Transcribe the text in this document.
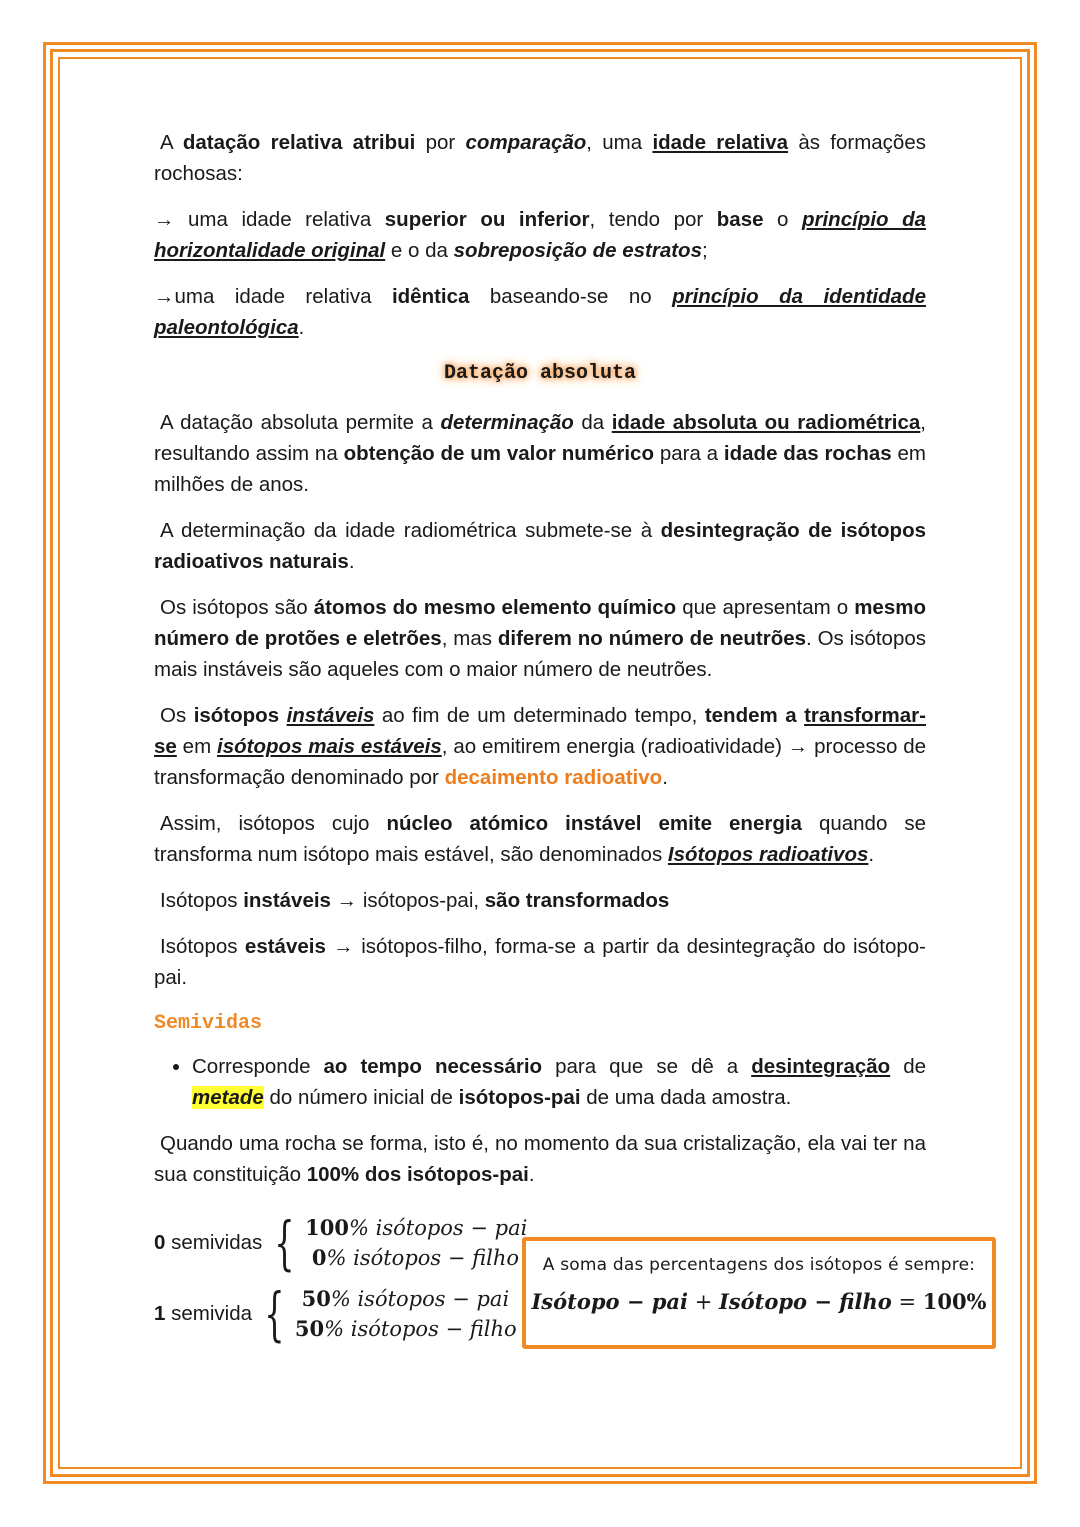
A datação relativa atribui por comparação, uma idade relativa às formações rochosas:

→ uma idade relativa superior ou inferior, tendo por base o princípio da horizontalidade original e o da sobreposição de estratos;

→uma idade relativa idêntica baseando-se no princípio da identidade paleontológica.

Datação absoluta

A datação absoluta permite a determinação da idade absoluta ou radiométrica, resultando assim na obtenção de um valor numérico para a idade das rochas em milhões de anos.

A determinação da idade radiométrica submete-se à desintegração de isótopos radioativos naturais.

Os isótopos são átomos do mesmo elemento químico que apresentam o mesmo número de protões e eletrões, mas diferem no número de neutrões. Os isótopos mais instáveis são aqueles com o maior número de neutrões.

Os isótopos instáveis ao fim de um determinado tempo, tendem a transformar-se em isótopos mais estáveis, ao emitirem energia (radioatividade) → processo de transformação denominado por decaimento radioativo.

Assim, isótopos cujo núcleo atómico instável emite energia quando se transforma num isótopo mais estável, são denominados Isótopos radioativos.

Isótopos instáveis → isótopos-pai, são transformados

Isótopos estáveis → isótopos-filho, forma-se a partir da desintegração do isótopo-pai.

Semividas
• Corresponde ao tempo necessário para que se dê a desintegração de metade do número inicial de isótopos-pai de uma dada amostra.

Quando uma rocha se forma, isto é, no momento da sua cristalização, ela vai ter na sua constituição 100% dos isótopos-pai.

0 semividas { 100% isótopos − pai
0% isótopos − filho
1 semivida { 50% isótopos − pai
50% isótopos − filho
A soma das percentagens dos isótopos é sempre:
Isótopo − pai + Isótopo − filho = 100%
